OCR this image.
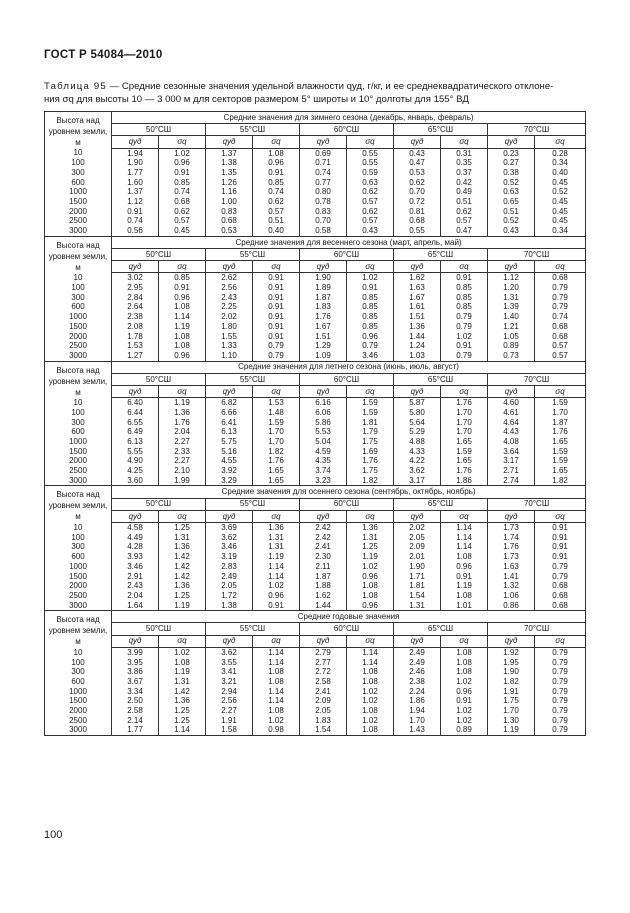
ГОСТ Р 54084—2010
Таблица 95 — Средние сезонные значения удельной влажности qуд, г/кг, и ее среднеквадратического отклоне-
ния σq для высоты 10 — 3 000 м для секторов размером 5° широты и 10° долготы для 155° ВД
Высота над уровнем земли, м	Средние значения для зимнего сезона (декабрь, январь, февраль)									
	50°СШ		55°СШ		60°СШ		65°СШ		70°СШ	
	qуд	σq	qуд	σq	qуд	σq	qуд	σq	qуд	σq
10	1.94	1.02	1.37	1.08	0.69	0.55	0.43	0.31	0.23	0.28
100	1.90	0.96	1.38	0.96	0.71	0.55	0.47	0.35	0.27	0.34
300	1.77	0.91	1.35	0.91	0.74	0.59	0.53	0.37	0.38	0.40
600	1.60	0.85	1.26	0.85	0.77	0.63	0.62	0.42	0.52	0.45
1000	1.37	0.74	1.16	0.74	0.80	0.62	0.70	0.49	0.63	0.52
1500	1.12	0.68	1.00	0.62	0.78	0.57	0.72	0.51	0.65	0.45
2000	0.91	0.62	0.83	0.57	0.83	0.62	0.81	0.62	0.51	0.45
2500	0.74	0.57	0.68	0.51	0.70	0.57	0.68	0.57	0.52	0.45
3000	0.56	0.45	0.53	0.40	0.58	0.43	0.55	0.47	0.43	0.34
Высота над уровнем земли, м	Средние значения для весеннего сезона (март, апрель, май)									
	50°СШ		55°СШ		60°СШ		65°СШ		70°СШ	
	qуд	σq	qуд	σq	qуд	σq	qуд	σq	qуд	σq
10	3.02	0.85	2.62	0.91	1.90	1.02	1.62	0.91	1.12	0.68
100	2.95	0.91	2.56	0.91	1.89	0.91	1.63	0.85	1.20	0.79
300	2.84	0.96	2.43	0.91	1.87	0.85	1.67	0.85	1.31	0.79
600	2.64	1.08	2.25	0.91	1.83	0.85	1.61	0.85	1.39	0.79
1000	2.38	1.14	2.02	0.91	1.76	0.85	1.51	0.79	1.40	0.74
1500	2.08	1.19	1.80	0.91	1.67	0.85	1.36	0.79	1.21	0.68
2000	1.78	1.08	1.55	0.91	1.51	0.96	1.44	1.02	1.05	0.68
2500	1.53	1.08	1.33	0.79	1.29	0.79	1.24	0.91	0.89	0.57
3000	1.27	0.96	1.10	0.79	1.09	3.46	1.03	0.79	0.73	0.57
Высота над уровнем земли, м	Средние значения для летнего сезона (июнь, июль, август)									
	50°СШ		55°СШ		60°СШ		65°СШ		70°СШ	
	qуд	σq	qуд	σq	qуд	σq	qуд	σq	qуд	σq
10	6.40	1.19	6.82	1.53	6.16	1.59	5.87	1.76	4.60	1.59
100	6.44	1.36	6.66	1.48	6.06	1.59	5.80	1.70	4.61	1.70
300	6.55	1.76	6.41	1.59	5.86	1.81	5.64	1.70	4.64	1.87
600	6.49	2.04	6.13	1.70	5.53	1.79	5.29	1.70	4.43	1.76
1000	6.13	2.27	5.75	1.70	5.04	1.75	4.88	1.65	4.08	1.65
1500	5.55	2.33	5.16	1.82	4.59	1.69	4.33	1.59	3.64	1.59
2000	4.90	2.27	4.55	1.76	4.35	1.76	4.22	1.65	3.17	1.59
2500	4.25	2.10	3.92	1.65	3.74	1.75	3.62	1.76	2.71	1.65
3000	3.60	1.99	3.29	1.65	3.23	1.82	3.17	1.86	2.74	1.82
Высота над уровнем земли, м	Средние значения для осеннего сезона (сентябрь, октябрь, ноябрь)									
	50°СШ		55°СШ		60°СШ		65°СШ		70°СШ	
	qуд	σq	qуд	σq	qуд	σq	qуд	σq	qуд	σq
10	4.58	1.25	3.69	1.36	2.42	1.36	2.02	1.14	1.73	0.91
100	4.49	1.31	3.62	1.31	2.42	1.31	2.05	1.14	1.74	0.91
300	4.28	1.36	3.46	1.31	2.41	1.25	2.09	1.14	1.76	0.91
600	3.93	1.42	3.19	1.19	2.30	1.19	2.01	1.08	1.73	0.91
1000	3.46	1.42	2.83	1.14	2.11	1.02	1.90	0.96	1.63	0.79
1500	2.91	1.42	2.49	1.14	1.87	0.96	1.71	0.91	1.41	0.79
2000	2.43	1.36	2.05	1.02	1.88	1.08	1.81	1.19	1.32	0.68
2500	2.04	1.25	1.72	0.96	1.62	1.08	1.54	1.08	1.06	0.68
3000	1.64	1.19	1.38	0.91	1.44	0.96	1.31	1.01	0.86	0.68
Высота над уровнем земли, м	Средние годовые значения									
	50°СШ		55°СШ		60°СШ		65°СШ		70°СШ	
	qуд	σq	qуд	σq	qуд	σq	qуд	σq	qуд	σq
10	3.99	1.02	3.62	1.14	2.79	1.14	2.49	1.08	1.92	0.79
100	3.95	1.08	3.55	1.14	2.77	1.14	2.49	1.08	1.95	0.79
300	3.86	1.19	3.41	1.08	2.72	1.08	2.46	1.08	1.90	0.79
600	3.67	1.31	3.21	1.08	2.58	1.08	2.38	1.02	1.82	0.79
1000	3.34	1.42	2.94	1.14	2.41	1.02	2.24	0.96	1.91	0.79
1500	2.50	1.36	2.56	1.14	2.09	1.02	1.86	0.91	1.75	0.79
2000	2.58	1.25	2.27	1.08	2.05	1.08	1.94	1.02	1.70	0.79
2500	2.14	1.25	1.91	1.02	1.83	1.02	1.70	1.02	1.30	0.79
3000	1.77	1.14	1.58	0.98	1.54	1.08	1.43	0.89	1.19	0.79
100
